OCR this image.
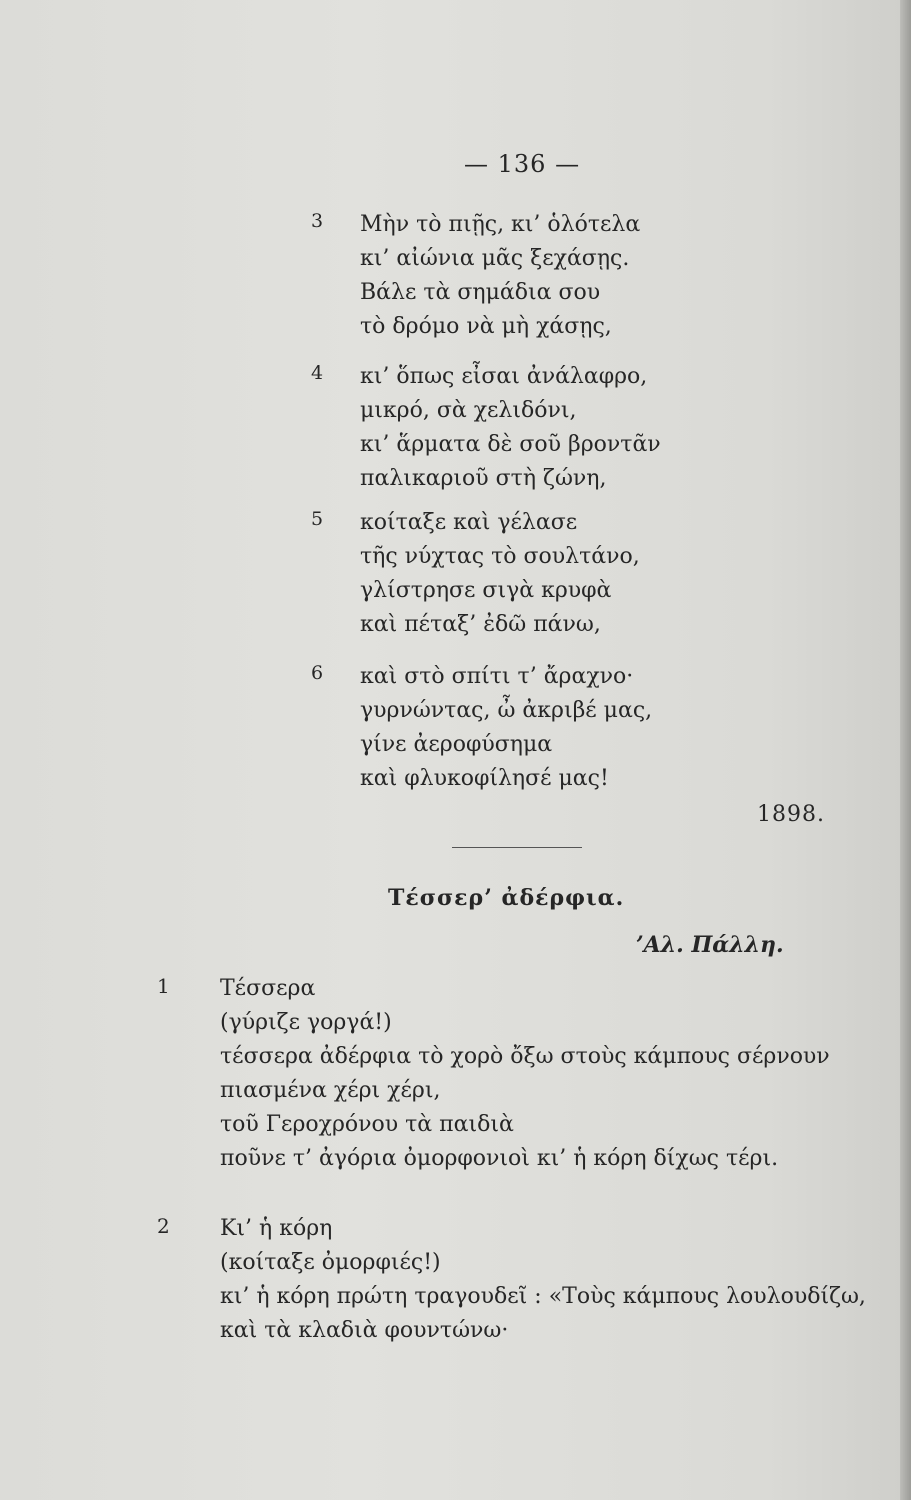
— 136 —
3 Μὴν τὸ πιῇς, κι’ ὁλότελα
κι’ αἰώνια μᾶς ξεχάσῃς.
Βάλε τὰ σημάδια σου
τὸ δρόμο νὰ μὴ χάσῃς,
4 κι’ ὅπως εἶσαι ἀνάλαφρο,
μικρό, σὰ χελιδόνι,
κι’ ἅρματα δὲ σοῦ βροντᾶν
παλικαριοῦ στὴ ζώνη,
5 κοίταξε καὶ γέλασε
τῆς νύχτας τὸ σουλτάνο,
γλίστρησε σιγὰ κρυφὰ
καὶ πέταξ’ ἐδῶ πάνω,
6 καὶ στὸ σπίτι τ’ ἄραχνο·
γυρνώντας, ὦ ἀκριβέ μας,
γίνε ἀεροφύσημα
καὶ φλυκοφίλησέ μας!
1898.
Τέσσερ’ ἀδέρφια.
’Αλ. Πάλλη.
1 Τέσσερα
(γύριζε γοργά!)
τέσσερα ἀδέρφια τὸ χορὸ ὄξω στοὺς κάμπους σέρνουν
πιασμένα χέρι χέρι,
τοῦ Γεροχρόνου τὰ παιδιὰ
ποῦνε τ’ ἀγόρια ὀμορφονιοὶ κι’ ἡ κόρη δίχως τέρι.
2 Κι’ ἡ κόρη
(κοίταξε ὀμορφιές!)
κι’ ἡ κόρη πρώτη τραγουδεῖ : «Τοὺς κάμπους λουλουδίζω,
καὶ τὰ κλαδιὰ φουντώνω·
